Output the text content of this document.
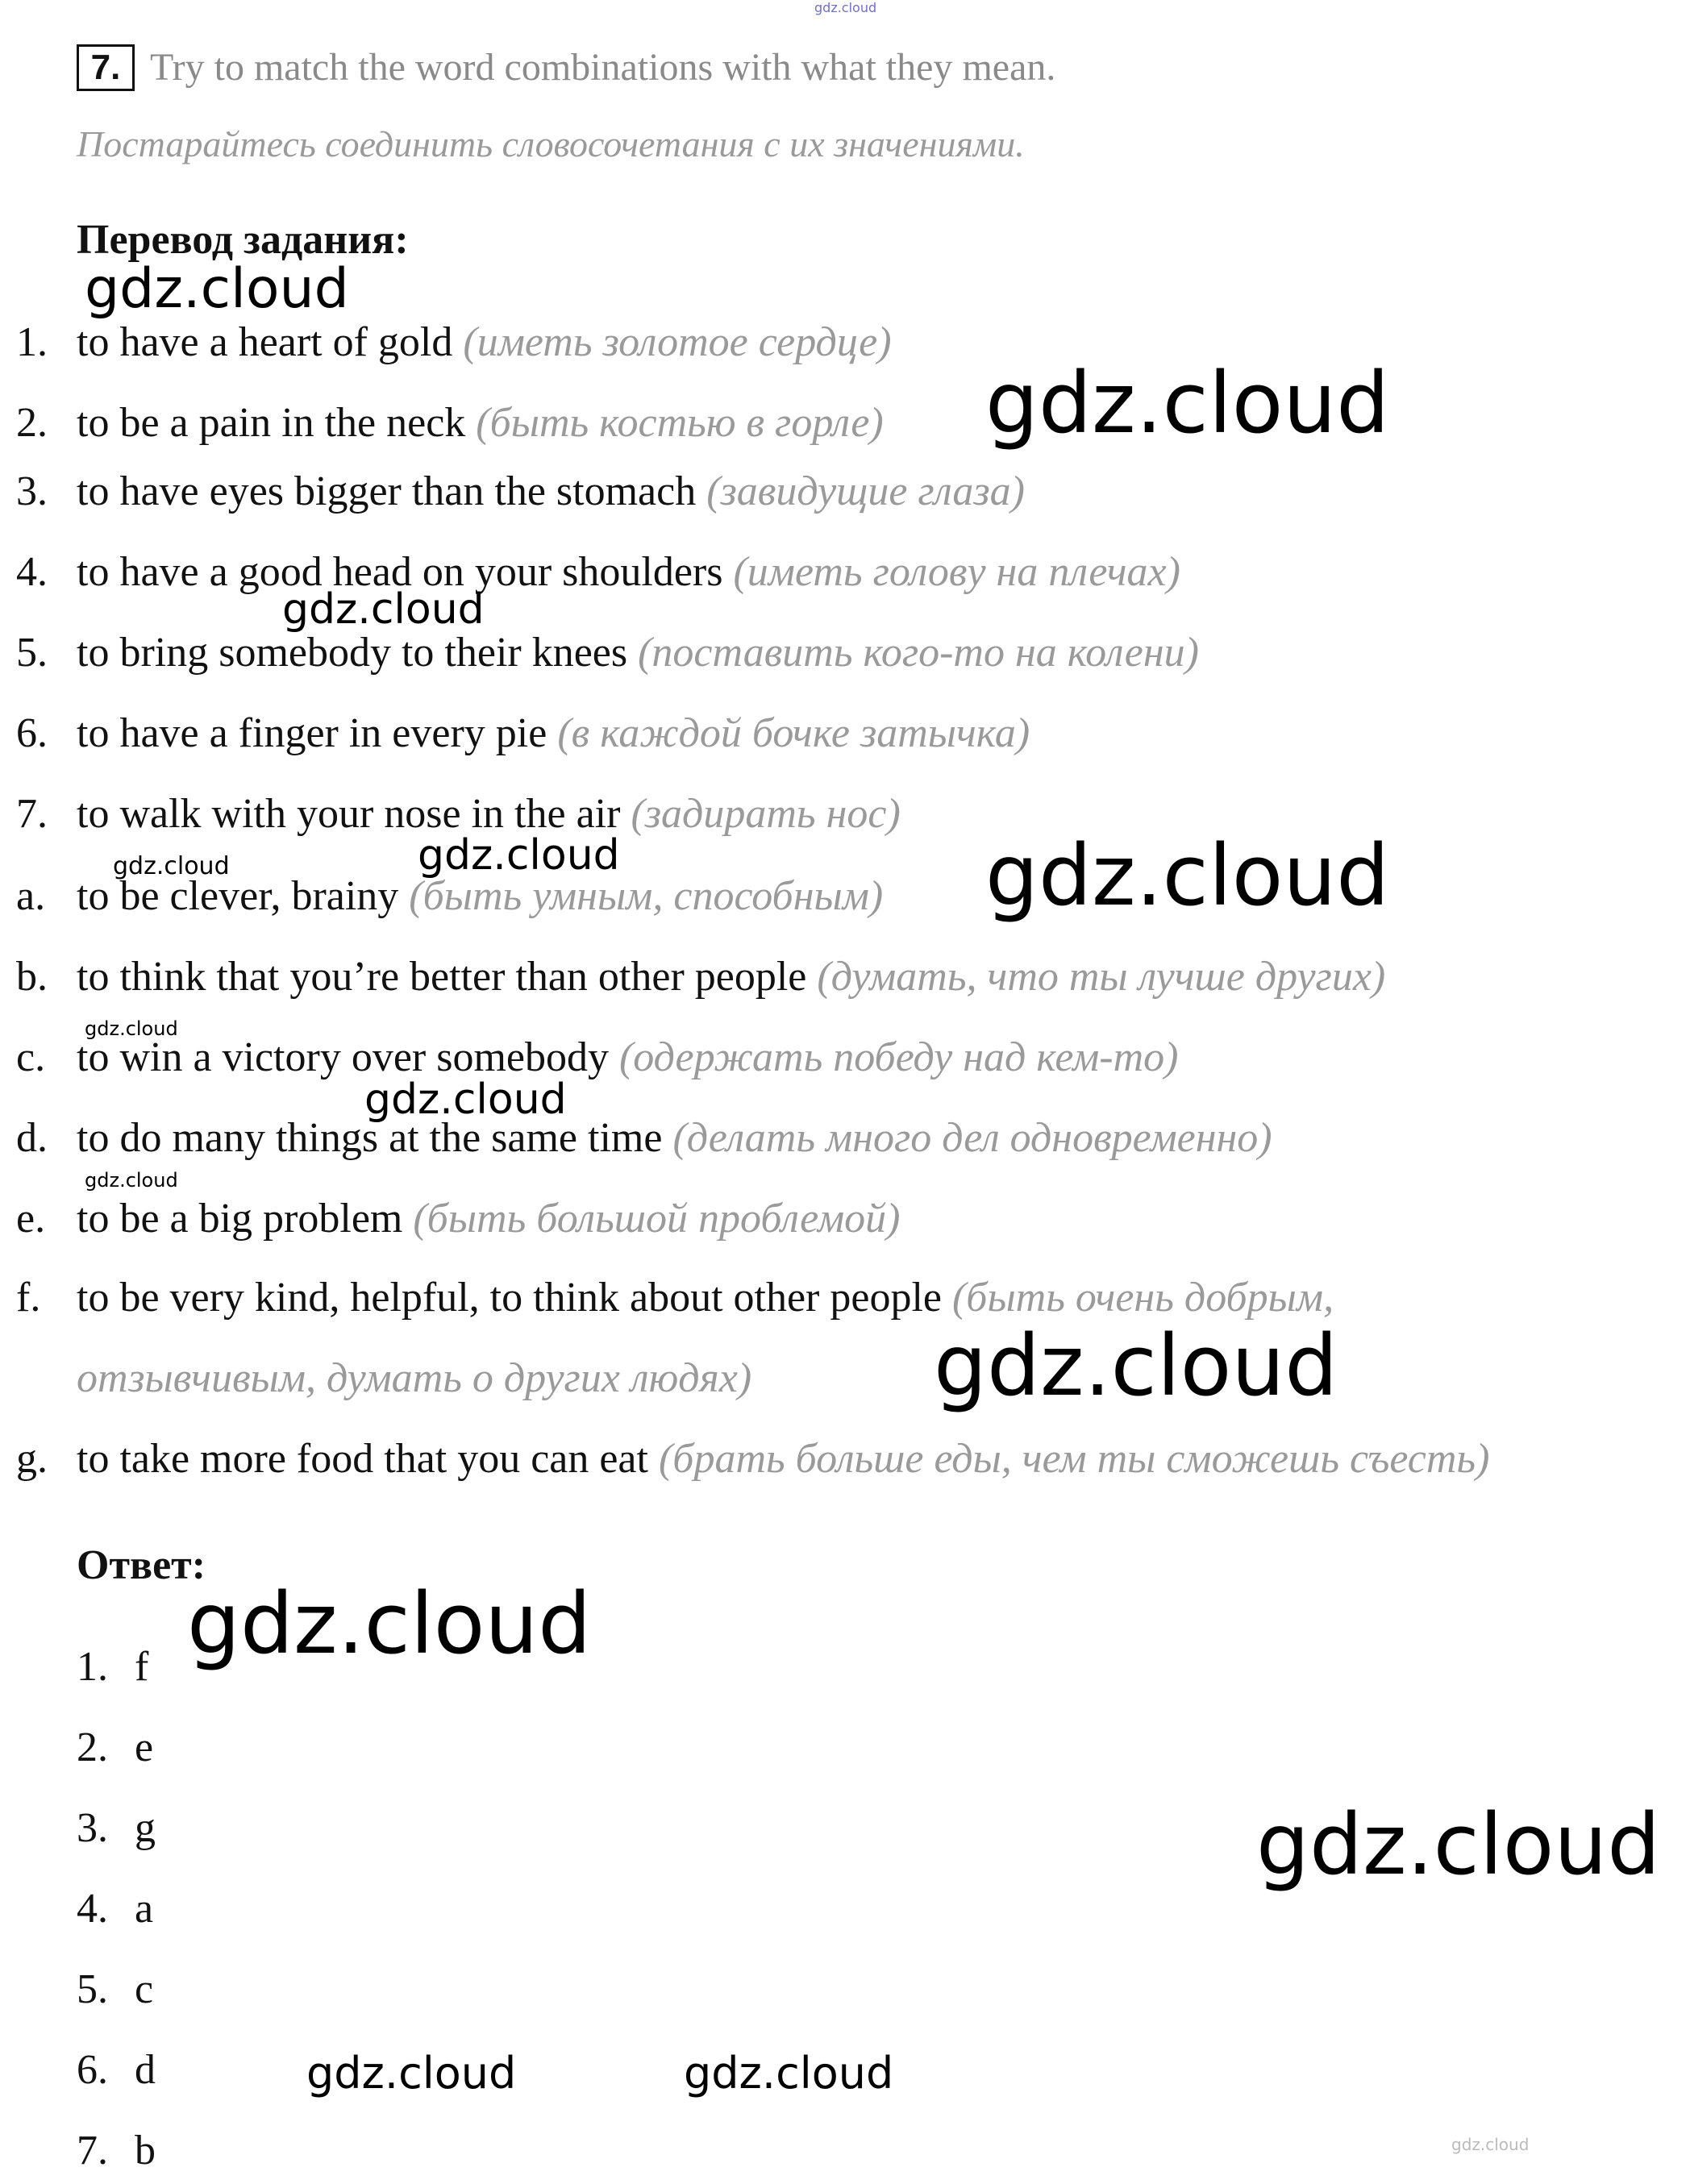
gdz.cloud
7. Try to match the word combinations with what they mean.
Постарайтесь соединить словосочетания с их значениями.
Перевод задания:
1. to have a heart of gold (иметь золотое сердце)
2. to be a pain in the neck (быть костью в горле)
3. to have eyes bigger than the stomach (завидущие глаза)
4. to have a good head on your shoulders (иметь голову на плечах)
5. to bring somebody to their knees (поставить кого-то на колени)
6. to have a finger in every pie (в каждой бочке затычка)
7. to walk with your nose in the air (задирать нос)
a. to be clever, brainy (быть умным, способным)
b. to think that you’re better than other people (думать, что ты лучше других)
c. to win a victory over somebody (одержать победу над кем-то)
d. to do many things at the same time (делать много дел одновременно)
e. to be a big problem (быть большой проблемой)
f. to be very kind, helpful, to think about other people (быть очень добрым,
отзывчивым, думать о других людях)
g. to take more food that you can eat (брать больше еды, чем ты сможешь съесть)
Ответ:
1. f
2. e
3. g
4. a
5. c
6. d
7. b
gdz.cloud
gdz.cloud
gdz.cloud
gdz.cloud
gdz.cloud
gdz.cloud
gdz.cloud
gdz.cloud
gdz.cloud
gdz.cloud
gdz.cloud
gdz.cloud
gdz.cloud	gdz.cloud
gdz.cloud
